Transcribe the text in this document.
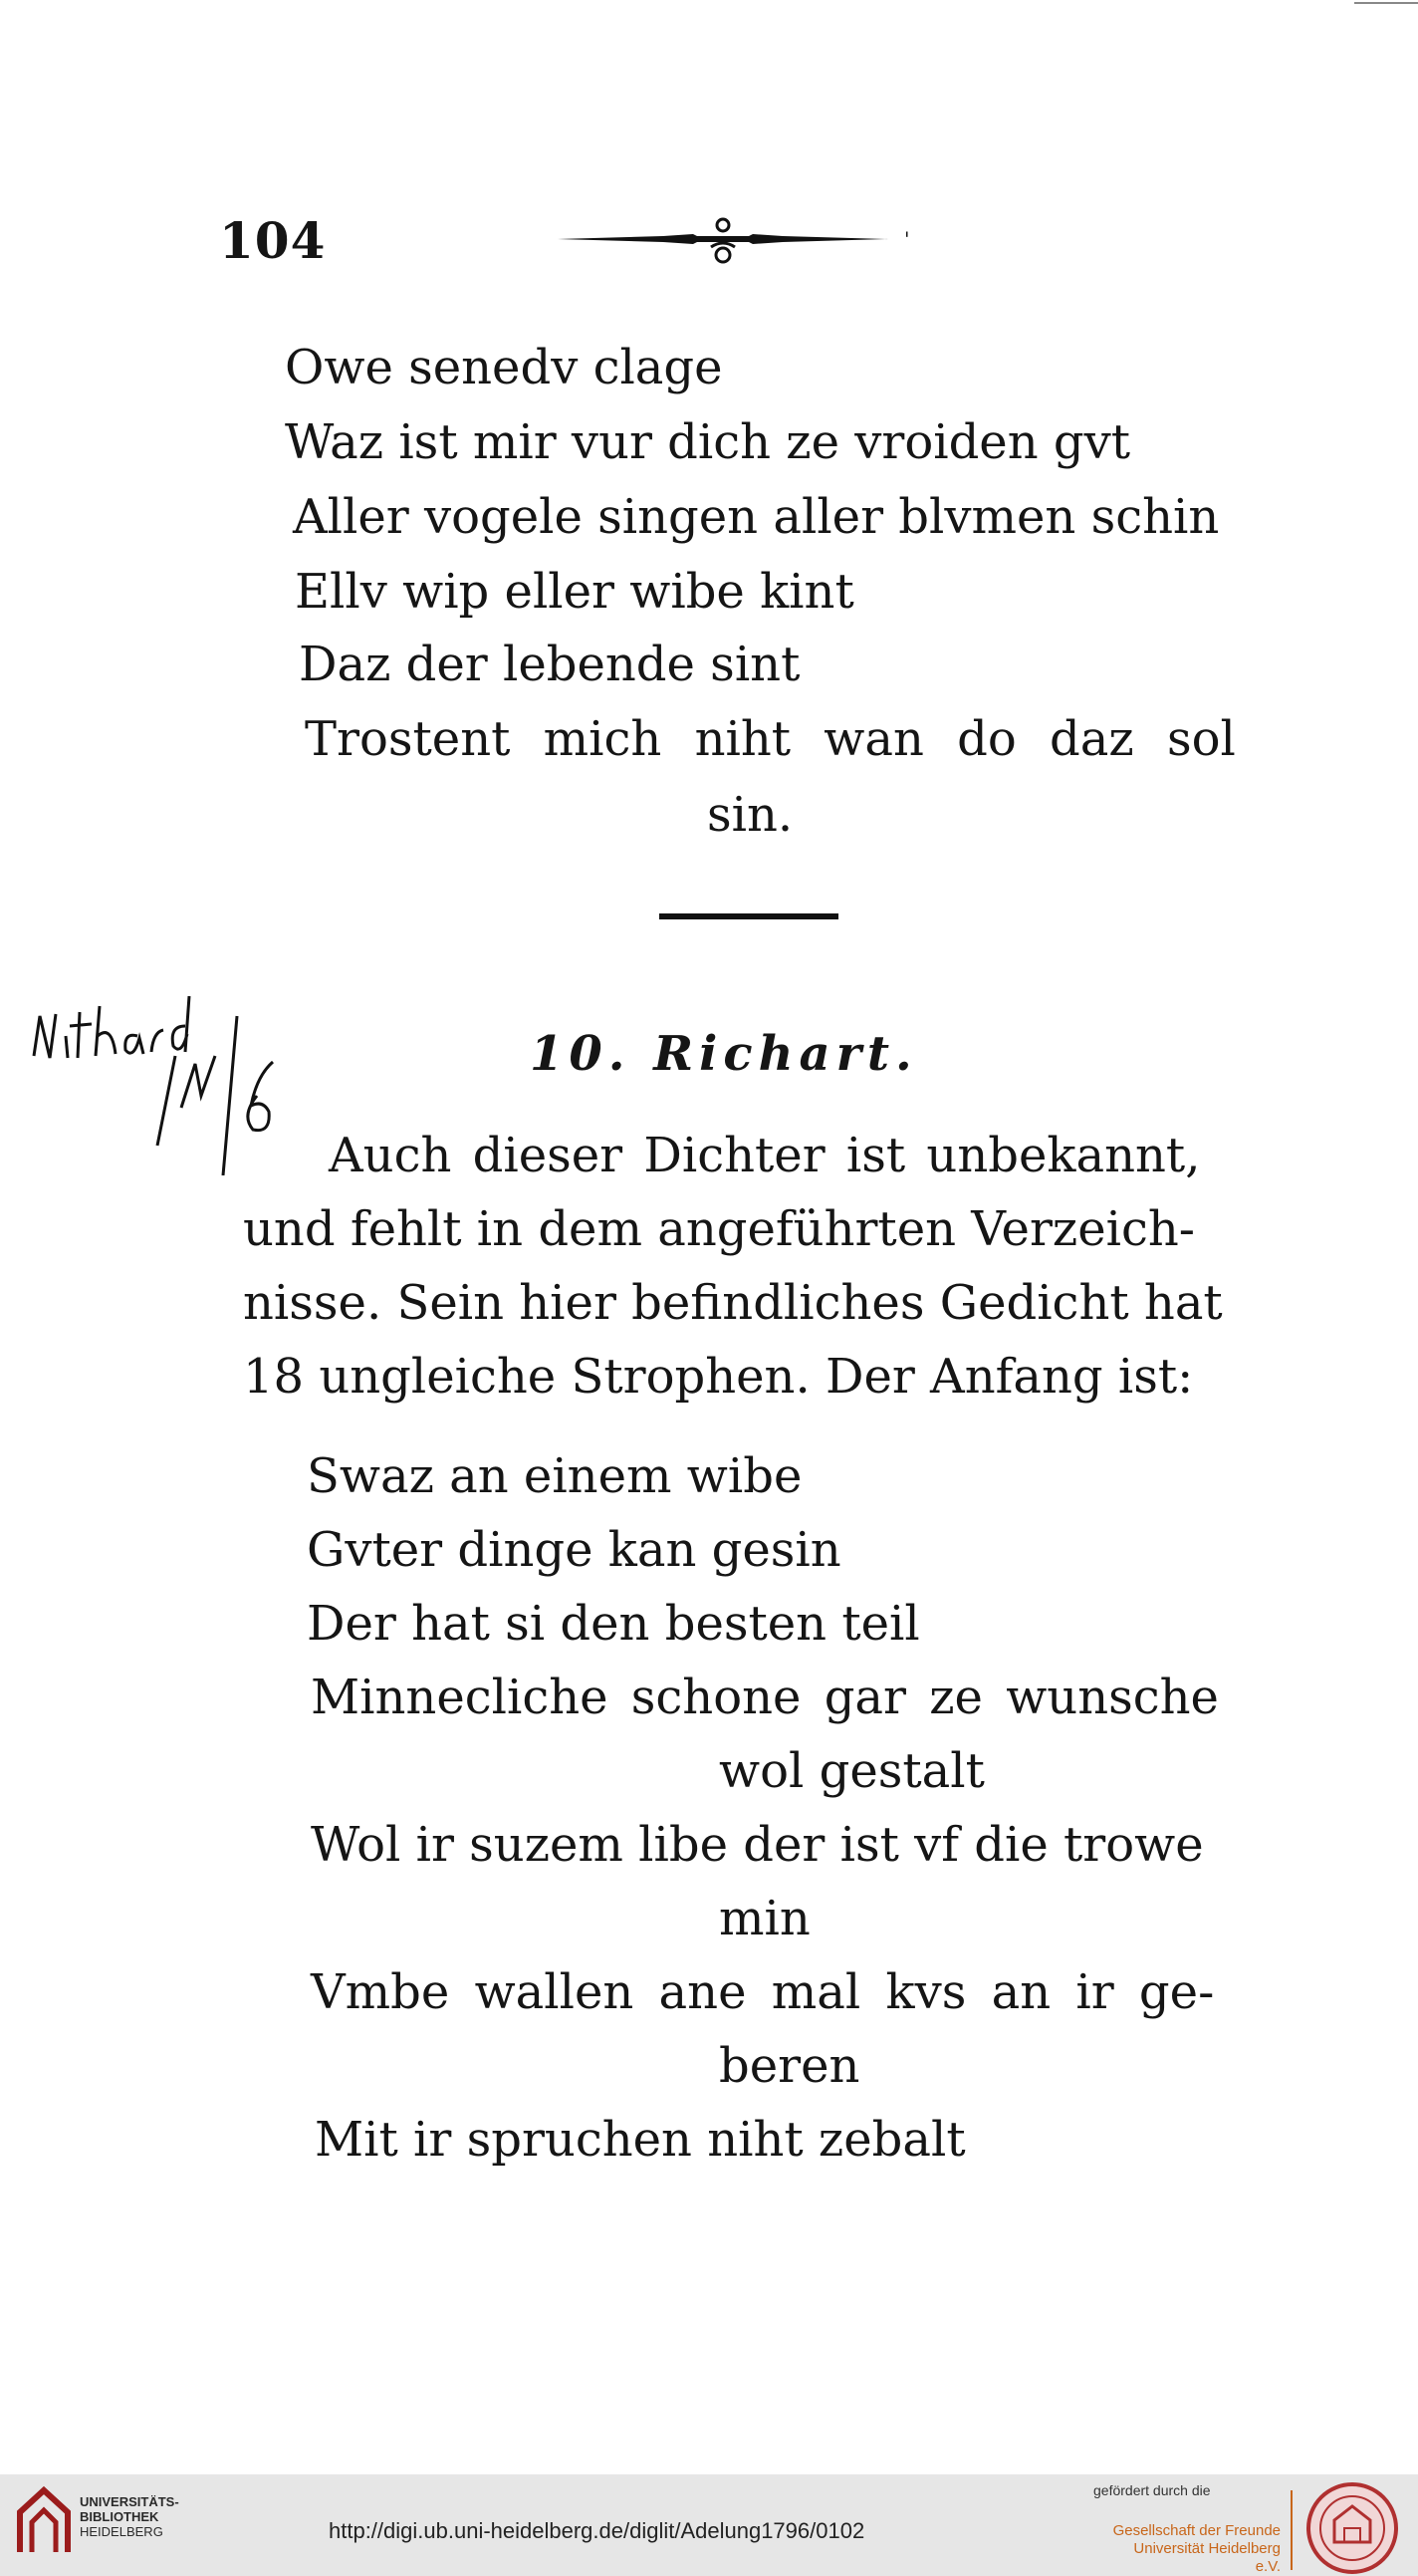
104	'
Owe senedv clage
Waz ist mir vur dich ze vroiden gvt
Aller vogele singen aller blvmen schin
Ellv wip eller wibe kint
Daz der lebende sint
Trostent mich niht wan do daz sol
sin.
10. Richart.
Auch dieser Dichter ist unbekannt,
und fehlt in dem angeführten Verzeich-
nisse. Sein hier befindliches Gedicht hat
18 ungleiche Strophen. Der Anfang ist:
Swaz an einem wibe
Gvter dinge kan gesin
Der hat si den besten teil
Minnecliche schone gar ze wunsche
wol gestalt
Wol ir suzem libe der ist vf die trowe
min
Vmbe wallen ane mal kvs an ir ge-
beren
Mit ir spruchen niht zebalt
UNIVERSITÄTS-
BIBLIOTHEK
HEIDELBERG	http://digi.ub.uni-heidelberg.de/diglit/Adelung1796/0102
gefördert durch die
Gesellschaft der Freunde
Universität Heidelberg e.V.
